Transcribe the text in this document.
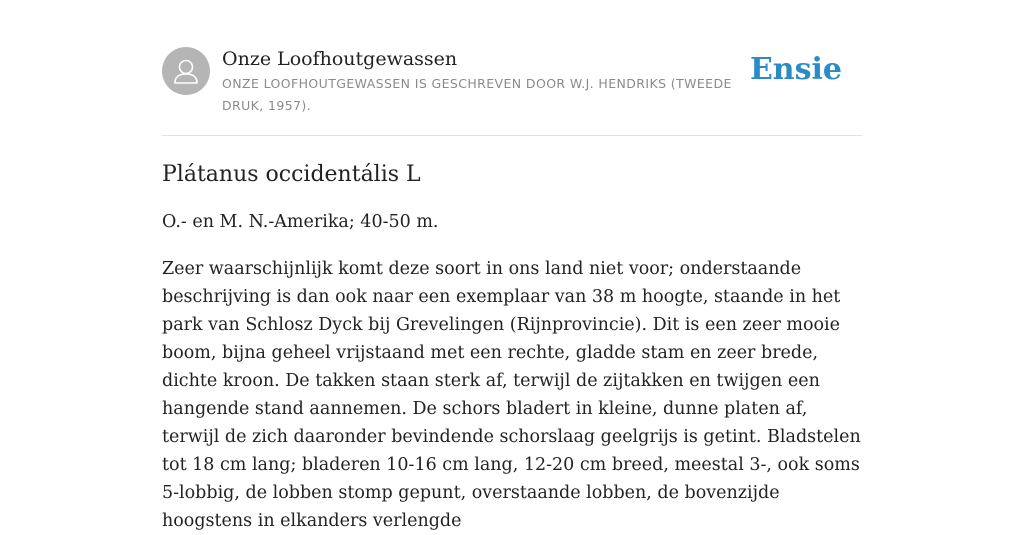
Onze Loofhoutgewassen
ONZE LOOFHOUTGEWASSEN IS GESCHREVEN DOOR W.J. HENDRIKS (TWEEDE DRUK, 1957).
Ensie
Plátanus occidentális L

O.- en M. N.-Amerika; 40-50 m.

Zeer waarschijnlijk komt deze soort in ons land niet voor; onderstaande beschrijving is dan ook naar een exemplaar van 38 m hoogte, staande in het park van Schlosz Dyck bij Grevelingen (Rijnprovincie). Dit is een zeer mooie boom, bijna geheel vrijstaand met een rechte, gladde stam en zeer brede, dichte kroon. De takken staan sterk af, terwijl de zijtakken en twijgen een hangende stand aannemen. De schors bladert in kleine, dunne platen af, terwijl de zich daaronder bevindende schorslaag geelgrijs is getint. Bladstelen tot 18 cm lang; bladeren 10-16 cm lang, 12-20 cm breed, meestal 3-, ook soms 5-lobbig, de lobben stomp gepunt, overstaande lobben, de bovenzijde hoogstens in elkanders verlengde
